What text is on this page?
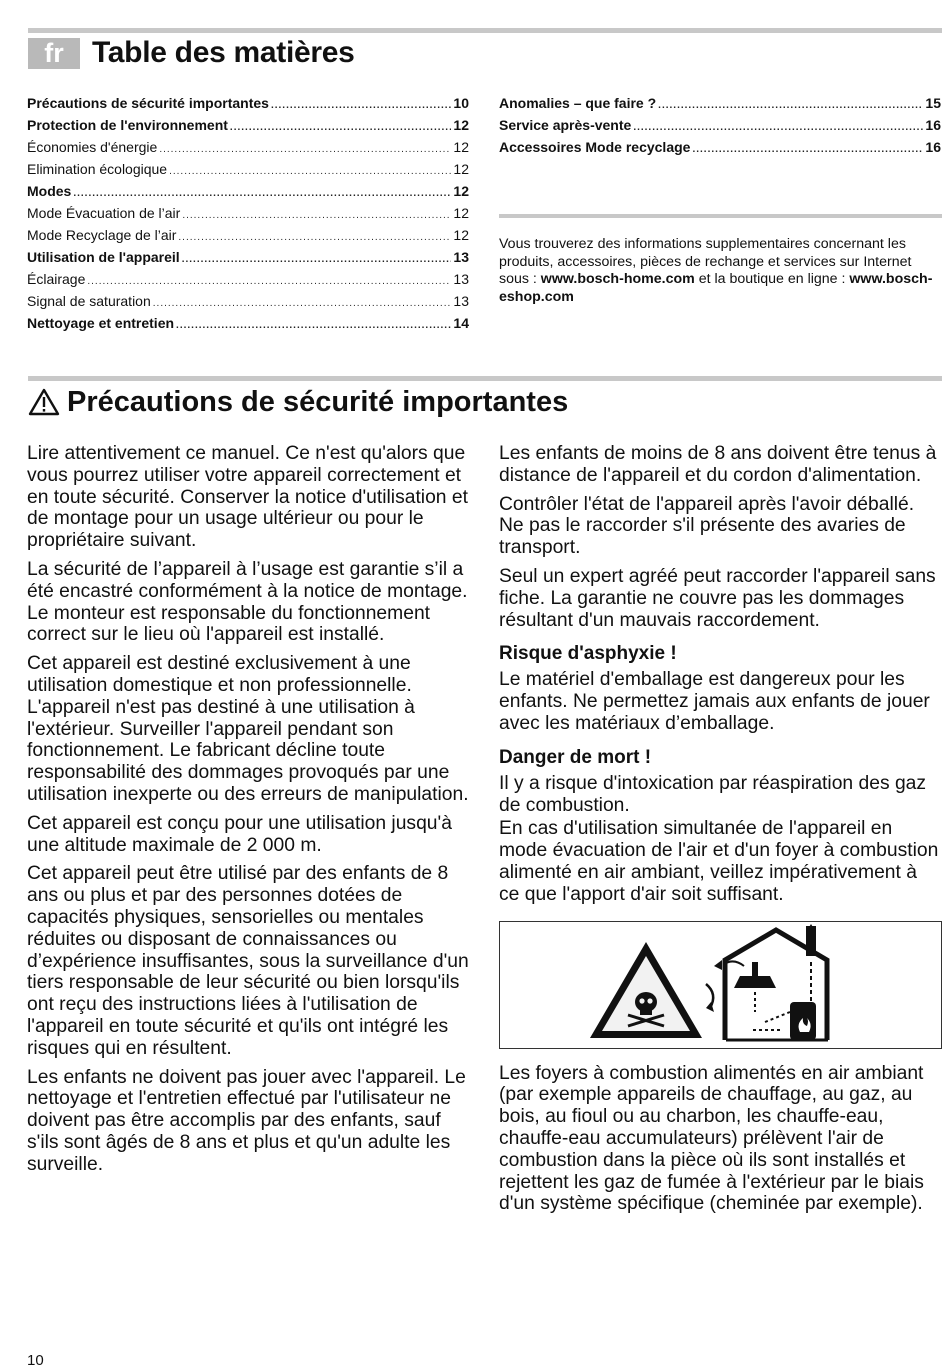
fr Table des matières
Précautions de sécurité importantes .....	10
Protection de l'environnement .....	12
Économies d'énergie .....	12
Elimination écologique .....	12
Modes .....	12
Mode Évacuation de l’air .....	12
Mode Recyclage de l’air .....	12
Utilisation de l'appareil .....	13
Éclairage .....	13
Signal de saturation .....	13
Nettoyage et entretien .....	14
Anomalies – que faire ? .....	15
Service après-vente .....	16
Accessoires Mode recyclage .....	16
Vous trouverez des informations supplementaires concernant les produits, accessoires, pièces de rechange et services sur Internet sous : www.bosch-home.com et la boutique en ligne : www.bosch-eshop.com
Précautions de sécurité importantes

Lire attentivement ce manuel. Ce n'est qu'alors que vous pourrez utiliser votre appareil correctement et en toute sécurité. Conserver la notice d'utilisation et de montage pour un usage ultérieur ou pour le propriétaire suivant.

La sécurité de l’appareil à l’usage est garantie s’il a été encastré conformément à la notice de montage. Le monteur est responsable du fonctionnement correct sur le lieu où l'appareil est installé.

Cet appareil est destiné exclusivement à une utilisation domestique et non professionnelle. L'appareil n'est pas destiné à une utilisation à l'extérieur. Surveiller l'appareil pendant son fonctionnement. Le fabricant décline toute responsabilité des dommages provoqués par une utilisation inexperte ou des erreurs de manipulation.

Cet appareil est conçu pour une utilisation jusqu'à une altitude maximale de 2 000 m.

Cet appareil peut être utilisé par des enfants de 8 ans ou plus et par des personnes dotées de capacités physiques, sensorielles ou mentales réduites ou disposant de connaissances ou d’expérience insuffisantes, sous la surveillance d'un tiers responsable de leur sécurité ou bien lorsqu'ils ont reçu des instructions liées à l'utilisation de l'appareil en toute sécurité et qu'ils ont intégré les risques qui en résultent.

Les enfants ne doivent pas jouer avec l'appareil. Le nettoyage et l'entretien effectué par l'utilisateur ne doivent pas être accomplis par des enfants, sauf s'ils sont âgés de 8 ans et plus et qu'un adulte les surveille.

Les enfants de moins de 8 ans doivent être tenus à distance de l'appareil et du cordon d'alimentation.

Contrôler l'état de l'appareil après l'avoir déballé. Ne pas le raccorder s'il présente des avaries de transport.

Seul un expert agréé peut raccorder l'appareil sans fiche. La garantie ne couvre pas les dommages résultant d'un mauvais raccordement.

Risque d'asphyxie !

Le matériel d'emballage est dangereux pour les enfants. Ne permettez jamais aux enfants de jouer avec les matériaux d’emballage.

Danger de mort !

Il y a risque d'intoxication par réaspiration des gaz de combustion.

En cas d'utilisation simultanée de l'appareil en mode évacuation de l'air et d'un foyer à combustion alimenté en air ambiant, veillez impérativement à ce que l'apport d'air soit suffisant.

Les foyers à combustion alimentés en air ambiant (par exemple appareils de chauffage, au gaz, au bois, au fioul ou au charbon, les chauffe-eau, chauffe-eau accumulateurs) prélèvent l'air de combustion dans la pièce où ils sont installés et rejettent les gaz de fumée à l'extérieur par le biais d'un système spécifique (cheminée par exemple).

10
